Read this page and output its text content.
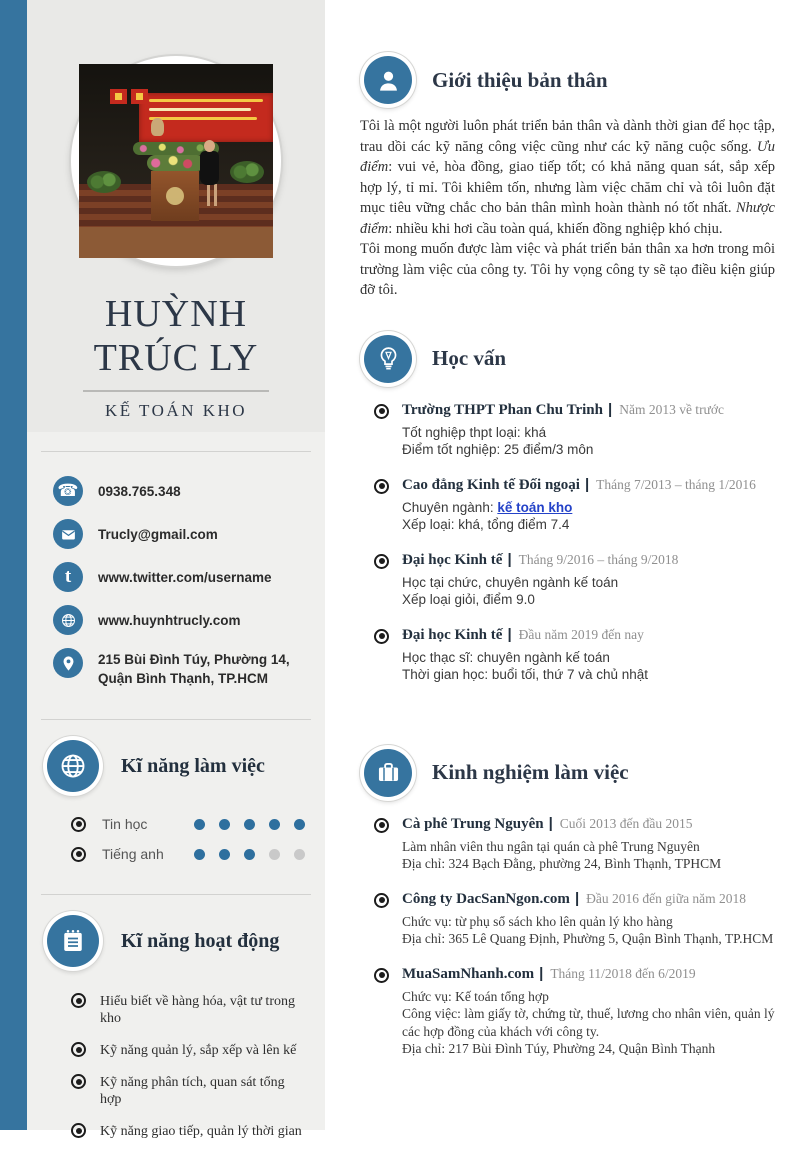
HUỲNH
TRÚC LY
KẾ TOÁN KHO
☎ 0938.765.348
Trucly@gmail.com
t www.twitter.com/username
www.huynhtrucly.com
215 Bùi Đình Túy, Phường 14, Quận Bình Thạnh, TP.HCM
Kĩ năng làm việc
Tin học
Tiếng anh
Kĩ năng hoạt động
Hiểu biết về hàng hóa, vật tư trong kho
Kỹ năng quản lý, sắp xếp và lên kế
Kỹ năng phân tích, quan sát tổng hợp
Kỹ năng giao tiếp, quản lý thời gian
Giới thiệu bản thân
Tôi là một người luôn phát triển bản thân và dành thời gian để học tập, trau dồi các kỹ năng công việc cũng như các kỹ năng cuộc sống. Ưu điểm: vui vẻ, hòa đồng, giao tiếp tốt; có khả năng quan sát, sắp xếp hợp lý, tỉ mỉ. Tôi khiêm tốn, nhưng làm việc chăm chỉ và tôi luôn đặt mục tiêu vững chắc cho bản thân mình hoàn thành nó tốt nhất. Nhược điểm: nhiều khi hơi cầu toàn quá, khiến đồng nghiệp khó chịu.
Tôi mong muốn được làm việc và phát triển bản thân xa hơn trong môi trường làm việc của công ty. Tôi hy vọng công ty sẽ tạo điều kiện giúp đỡ tôi.
Học vấn
Trường THPT Phan Chu Trinh | Năm 2013 về trước
Tốt nghiệp thpt loại: khá
Điểm tốt nghiệp: 25 điểm/3 môn
Cao đẳng Kinh tế Đối ngoại | Tháng 7/2013 – tháng 1/2016
Chuyên ngành: kế toán kho
Xếp loại: khá, tổng điểm 7.4
Đại học Kinh tế | Tháng 9/2016 – tháng 9/2018
Học tại chức, chuyên ngành kế toán
Xếp loại giỏi, điểm 9.0
Đại học Kinh tế | Đầu năm 2019 đến nay
Học thạc sĩ: chuyên ngành kế toán
Thời gian học: buổi tối, thứ 7 và chủ nhật
Kinh nghiệm làm việc
Cà phê Trung Nguyên | Cuối 2013 đến đầu 2015
Làm nhân viên thu ngân tại quán cà phê Trung Nguyên
Địa chỉ: 324 Bạch Đằng, phường 24, Bình Thạnh, TPHCM
Công ty DacSanNgon.com | Đầu 2016 đến giữa năm 2018
Chức vụ: từ phụ sổ sách kho lên quản lý kho hàng
Địa chỉ: 365 Lê Quang Định, Phường 5, Quận Bình Thạnh, TP.HCM
MuaSamNhanh.com | Tháng 11/2018 đến 6/2019
Chức vụ: Kế toán tổng hợp
Công việc: làm giấy tờ, chứng từ, thuế, lương cho nhân viên, quản lý các hợp đồng của khách với công ty.
Địa chỉ: 217 Bùi Đình Túy, Phường 24, Quận Bình Thạnh
